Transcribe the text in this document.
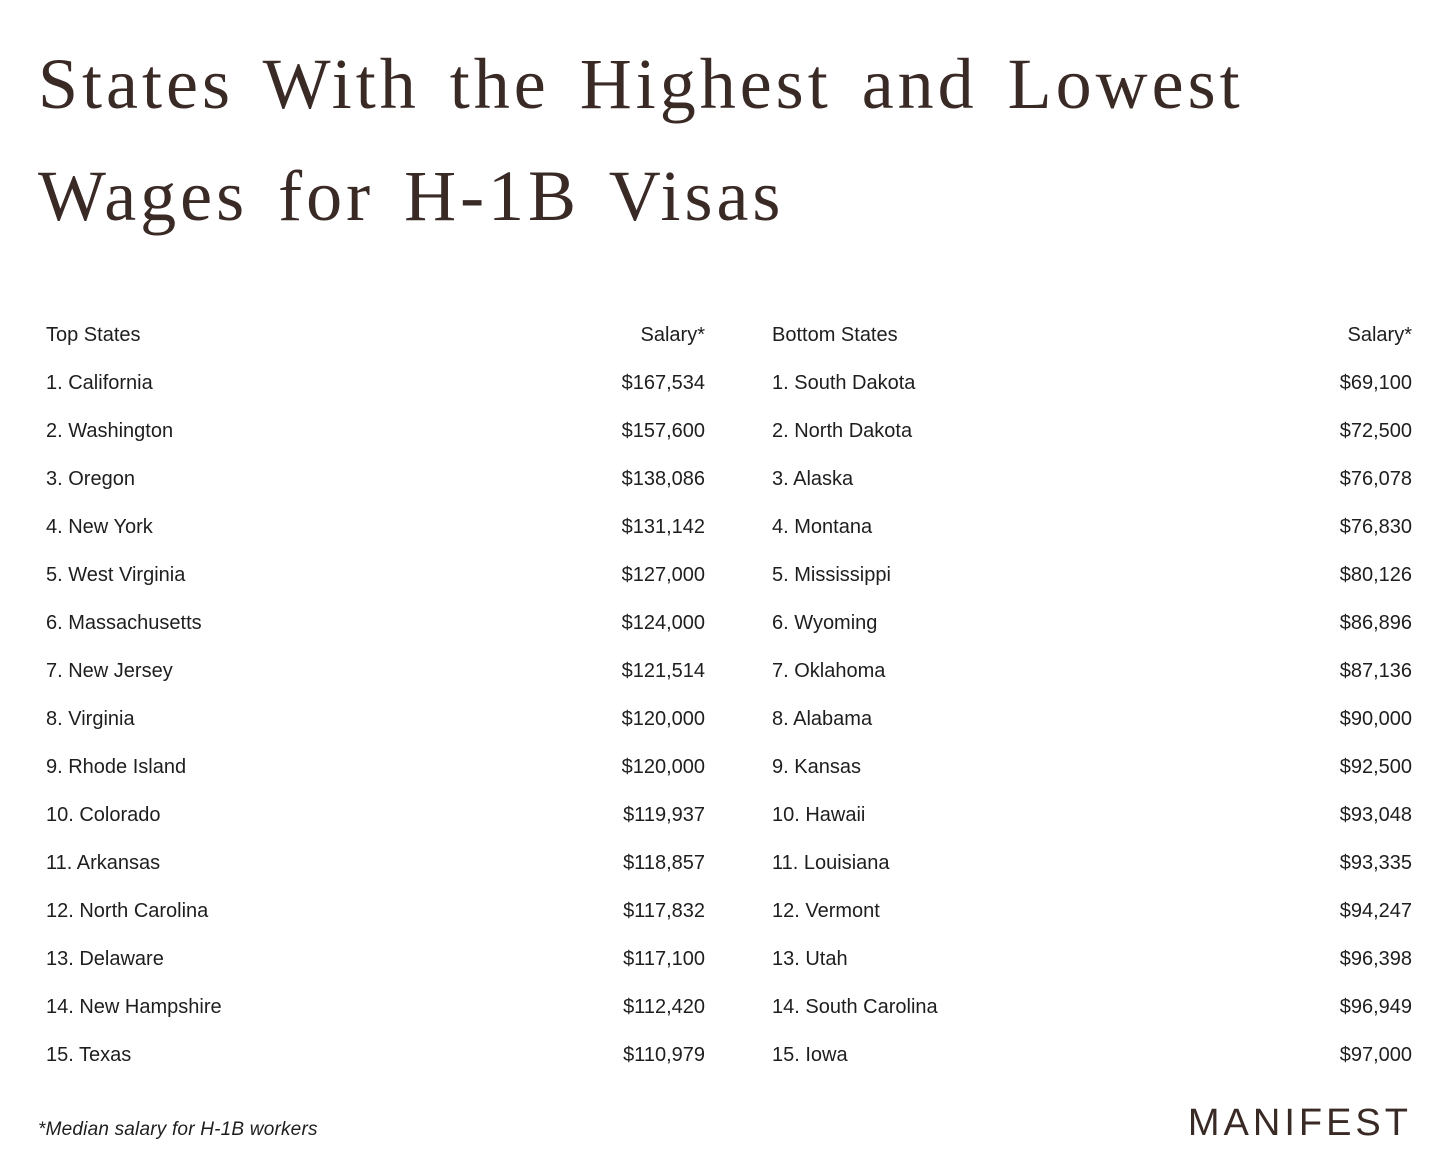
States With the Highest and Lowest
Wages for H-1B Visas
Top States	Salary*	Bottom States	Salary*
1. California	$167,534	1. South Dakota	$69,100
2. Washington	$157,600	2. North Dakota	$72,500
3. Oregon	$138,086	3. Alaska	$76,078
4. New York	$131,142	4. Montana	$76,830
5. West Virginia	$127,000	5. Mississippi	$80,126
6. Massachusetts	$124,000	6. Wyoming	$86,896
7. New Jersey	$121,514	7. Oklahoma	$87,136
8. Virginia	$120,000	8. Alabama	$90,000
9. Rhode Island	$120,000	9. Kansas	$92,500
10. Colorado	$119,937	10. Hawaii	$93,048
11. Arkansas	$118,857	11. Louisiana	$93,335
12. North Carolina	$117,832	12. Vermont	$94,247
13. Delaware	$117,100	13. Utah	$96,398
14. New Hampshire	$112,420	14. South Carolina	$96,949
15. Texas	$110,979	15. Iowa	$97,000

*Median salary for H-1B workers	MANIFEST
